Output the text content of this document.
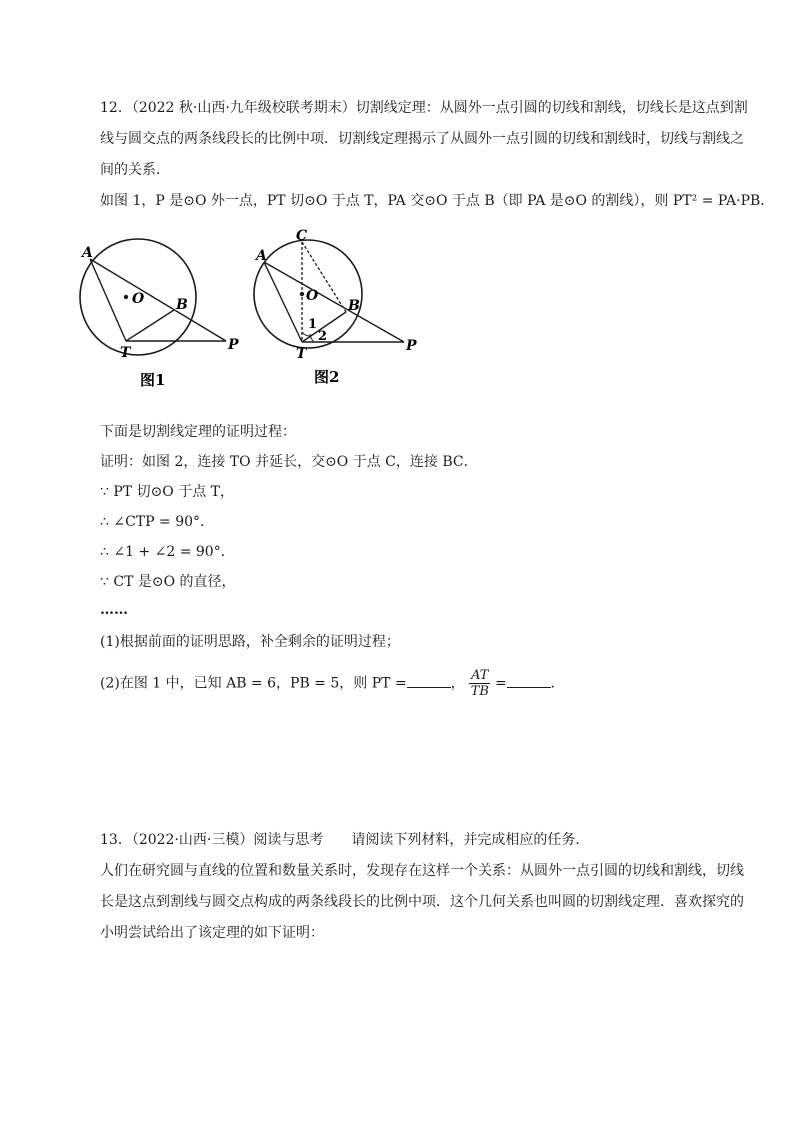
12．（2022 秋·山西·九年级校联考期末）切割线定理：从圆外一点引圆的切线和割线，切线长是这点到割
线与圆交点的两条线段长的比例中项．切割线定理揭示了从圆外一点引圆的切线和割线时，切线与割线之
间的关系．
如图 1，P 是⊙O 外一点，PT 切⊙O 于点 T，PA 交⊙O 于点 B（即 PA 是⊙O 的割线），则 PT² = PA·PB．
A
O B
T	P
图1
C
A
O
B
T	P
1
2
图2
下面是切割线定理的证明过程：
证明：如图 2，连接 TO 并延长，交⊙O 于点 C，连接 BC．
∵ PT 切⊙O 于点 T，
∴ ∠CTP = 90°．
∴ ∠1 + ∠2 = 90°．
∵ CT 是⊙O 的直径，
……
(1)根据前面的证明思路，补全剩余的证明过程；
(2)在图 1 中，已知 AB = 6，PB = 5，则 PT =	， $\frac{AT}{TB}$ =	．
13．（2022·山西·三模）阅读与思考　　请阅读下列材料，并完成相应的任务．
人们在研究圆与直线的位置和数量关系时，发现存在这样一个关系：从圆外一点引圆的切线和割线，切线
长是这点到割线与圆交点构成的两条线段长的比例中项．这个几何关系也叫圆的切割线定理．喜欢探究的
小明尝试给出了该定理的如下证明：
